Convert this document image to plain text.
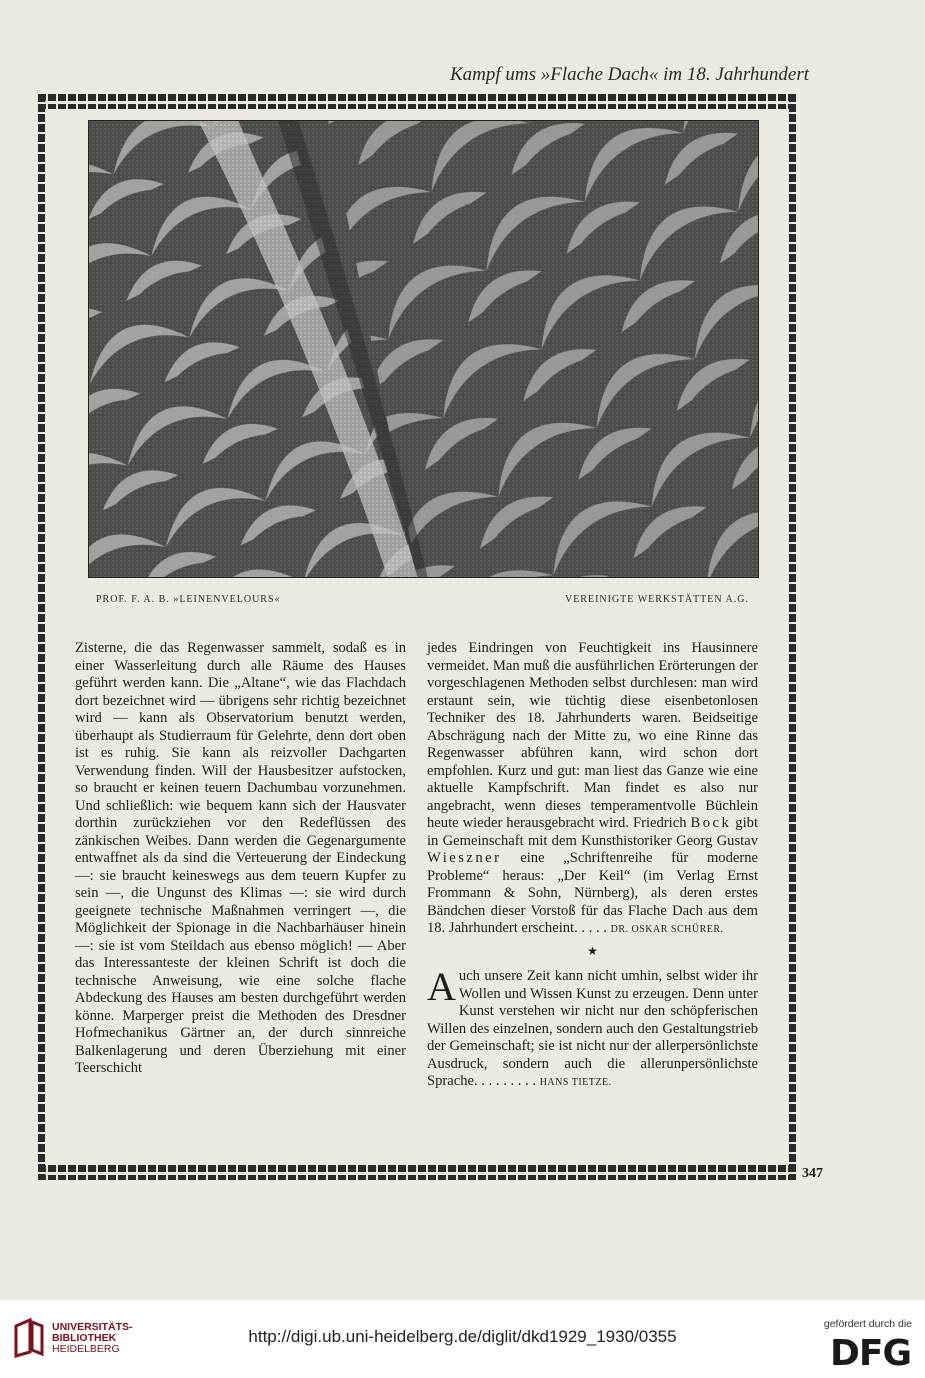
Kampf ums »Flache Dach« im 18. Jahrhundert
347
PROF. F. A. B. »LEINENVELOURS«	VEREINIGTE WERKSTÄTTEN A.G.

Zisterne, die das Regenwasser sammelt, sodaß es in einer Wasserleitung durch alle Räume des Hauses geführt werden kann. Die „Altane“, wie das Flachdach dort bezeichnet wird — übrigens sehr richtig bezeichnet wird — kann als Observatorium benutzt werden, überhaupt als Studierraum für Gelehrte, denn dort oben ist es ruhig. Sie kann als reizvoller Dachgarten Verwendung finden. Will der Hausbesitzer aufstocken, so braucht er keinen teuern Dachumbau vorzunehmen. Und schließlich: wie bequem kann sich der Hausvater dorthin zurückziehen vor den Redeflüssen des zänkischen Weibes. Dann werden die Gegenargumente entwaffnet als da sind die Verteuerung der Eindeckung —: sie braucht keineswegs aus dem teuern Kupfer zu sein —, die Ungunst des Klimas —: sie wird durch geeignete technische Maßnahmen verringert —, die Möglichkeit der Spionage in die Nachbarhäuser hinein —: sie ist vom Steildach aus ebenso möglich! — Aber das Interessanteste der kleinen Schrift ist doch die technische Anweisung, wie eine solche flache Abdeckung des Hauses am besten durchgeführt werden könne. Marperger preist die Methoden des Dresdner Hofmechanikus Gärtner an, der durch sinnreiche Balkenlagerung und deren Überziehung mit einer Teerschicht

jedes Eindringen von Feuchtigkeit ins Hausinnere vermeidet. Man muß die ausführlichen Erörterungen der vorgeschlagenen Methoden selbst durchlesen: man wird erstaunt sein, wie tüchtig diese eisenbetonlosen Techniker des 18. Jahrhunderts waren. Beidseitige Abschrägung nach der Mitte zu, wo eine Rinne das Regenwasser abführen kann, wird schon dort empfohlen. Kurz und gut: man liest das Ganze wie eine aktuelle Kampfschrift. Man findet es also nur angebracht, wenn dieses temperamentvolle Büchlein heute wieder herausgebracht wird. Friedrich Bock gibt in Gemeinschaft mit dem Kunsthistoriker Georg Gustav Wieszner eine „Schriftenreihe für moderne Probleme“ heraus: „Der Keil“ (im Verlag Ernst Frommann & Sohn, Nürnberg), als deren erstes Bändchen dieser Vorstoß für das Flache Dach aus dem 18. Jahrhundert erscheint. . . . . DR. OSKAR SCHÜRER.

★

A uch unsere Zeit kann nicht umhin, selbst wider ihr Wollen und Wissen Kunst zu erzeugen. Denn unter Kunst verstehen wir nicht nur den schöpferischen Willen des einzelnen, sondern auch den Gestaltungstrieb der Gemeinschaft; sie ist nicht nur der allerpersönlichste Ausdruck, sondern auch die allerunpersönlichste Sprache. . . . . . . . . HANS TIETZE.

UNIVERSITÄTS-
BIBLIOTHEK
HEIDELBERG
http://digi.ub.uni-heidelberg.de/diglit/dkd1929_1930/0355
gefördert durch die
DFG
